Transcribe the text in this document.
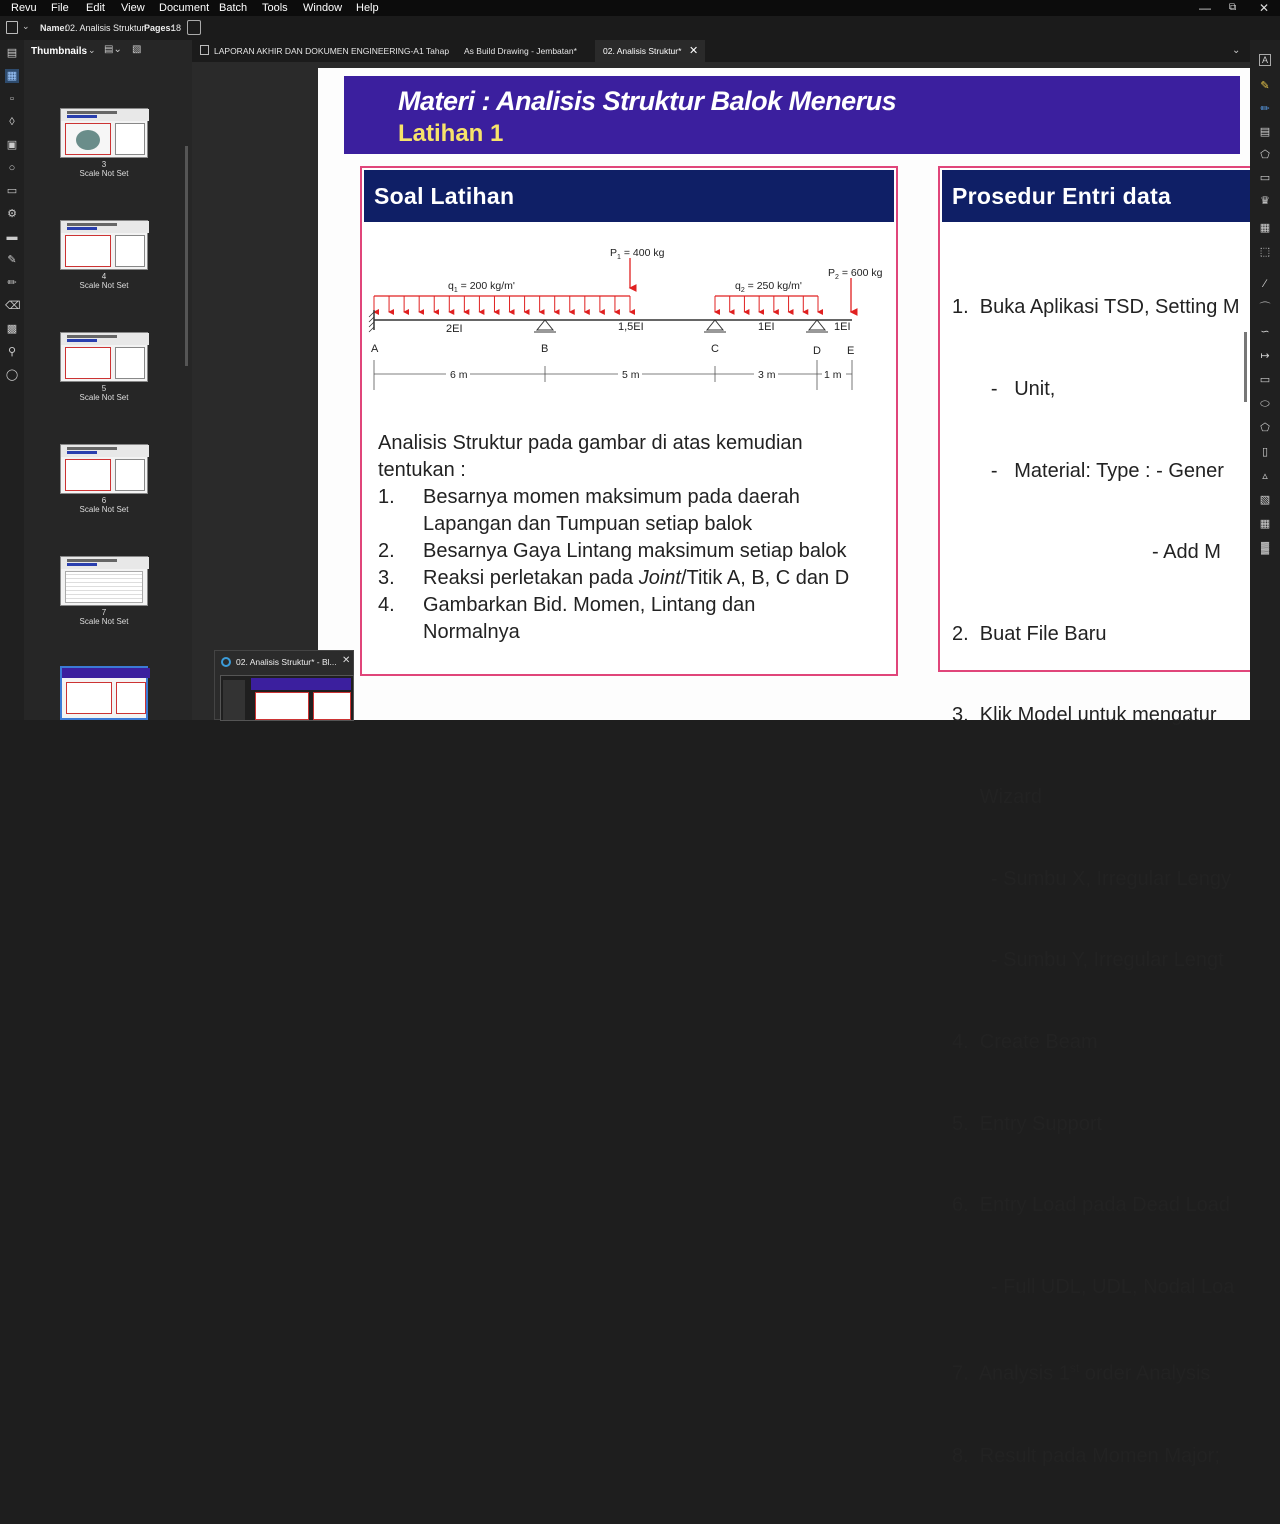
Revu File Edit View Document Batch Tools Window Help	— ⧉ ✕
⌄ Name:
02. Analisis Struktur Pages:
18
▤
▦
▫
◊
▣
○
▭
⚙
▬
✎
✏
⌫
▩
⚲
◯
Thumbnails ⌄ ▤⌄ ▧
3
Scale Not Set
4
Scale Not Set
5
Scale Not Set
6
Scale Not Set
7
Scale Not Set
LAPORAN AKHIR DAN DOKUMEN ENGINEERING-A1 Tahap	As Build Drawing - Jembatan*	02. Analisis Struktur* ✕	⌄
Materi : Analisis Struktur Balok Menerus
Latihan 1
Soal Latihan
$P_1 = 400$ kg
$P_2 = 600$ kg
$q_1 = 200$ kg/m'	$q_2 = 250$ kg/m'
2EI	1,5EI	1EI	1EI
A	B	C	D E
6 m	5 m	3 m	1 m
Analisis Struktur pada gambar di atas kemudian
tentukan :
1. Besarnya momen maksimum pada daerah
Lapangan dan Tumpuan setiap balok
2. Besarnya Gaya Lintang maksimum setiap balok
3. Reaksi perletakan pada Joint/Titik A, B, C dan D
4. Gambarkan Bid. Momen, Lintang dan
Normalnya
Prosedur Entri data

1.  Buka Aplikasi TSD, Setting M

-   Unit,

-   Material: Type : - Gener

- Add M

2.  Buat File Baru

3.  Klik Model untuk mengatur

Wizard

- Sumbu X, Irregular Lengy

- Sumbu Y, Irregular Lengt

4.  Create Beam

5.  Entry Support

6.  Entry Load pada Dead Load

- Full UDL, UDL, Nodal Loa

7.  Analysis 1st order Analysis

8.  Result pada Momen Major;

A
✎
✏
▤
⬠
▭
♛
▦
⬚
∕
⌒
∽
↦
▭
⬭
⬠
▯
▵
▧
▦
▓
02. Analisis Struktur* - Bl... ✕
